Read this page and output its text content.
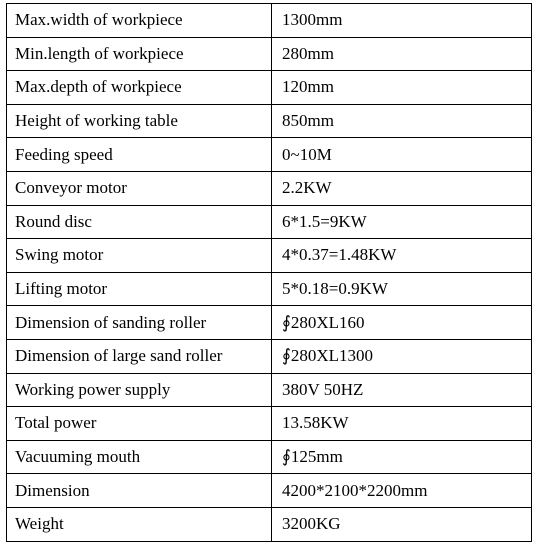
Max.width of workpiece	1300mm
Min.length of workpiece	280mm
Max.depth of workpiece	120mm
Height of working table	850mm
Feeding speed	0~10M
Conveyor motor	2.2KW
Round disc	6*1.5=9KW
Swing motor	4*0.37=1.48KW
Lifting motor	5*0.18=0.9KW
Dimension of sanding roller	∮280XL160
Dimension of large sand roller	∮280XL1300
Working power supply	380V 50HZ
Total power	13.58KW
Vacuuming mouth	∮125mm
Dimension	4200*2100*2200mm
Weight	3200KG
